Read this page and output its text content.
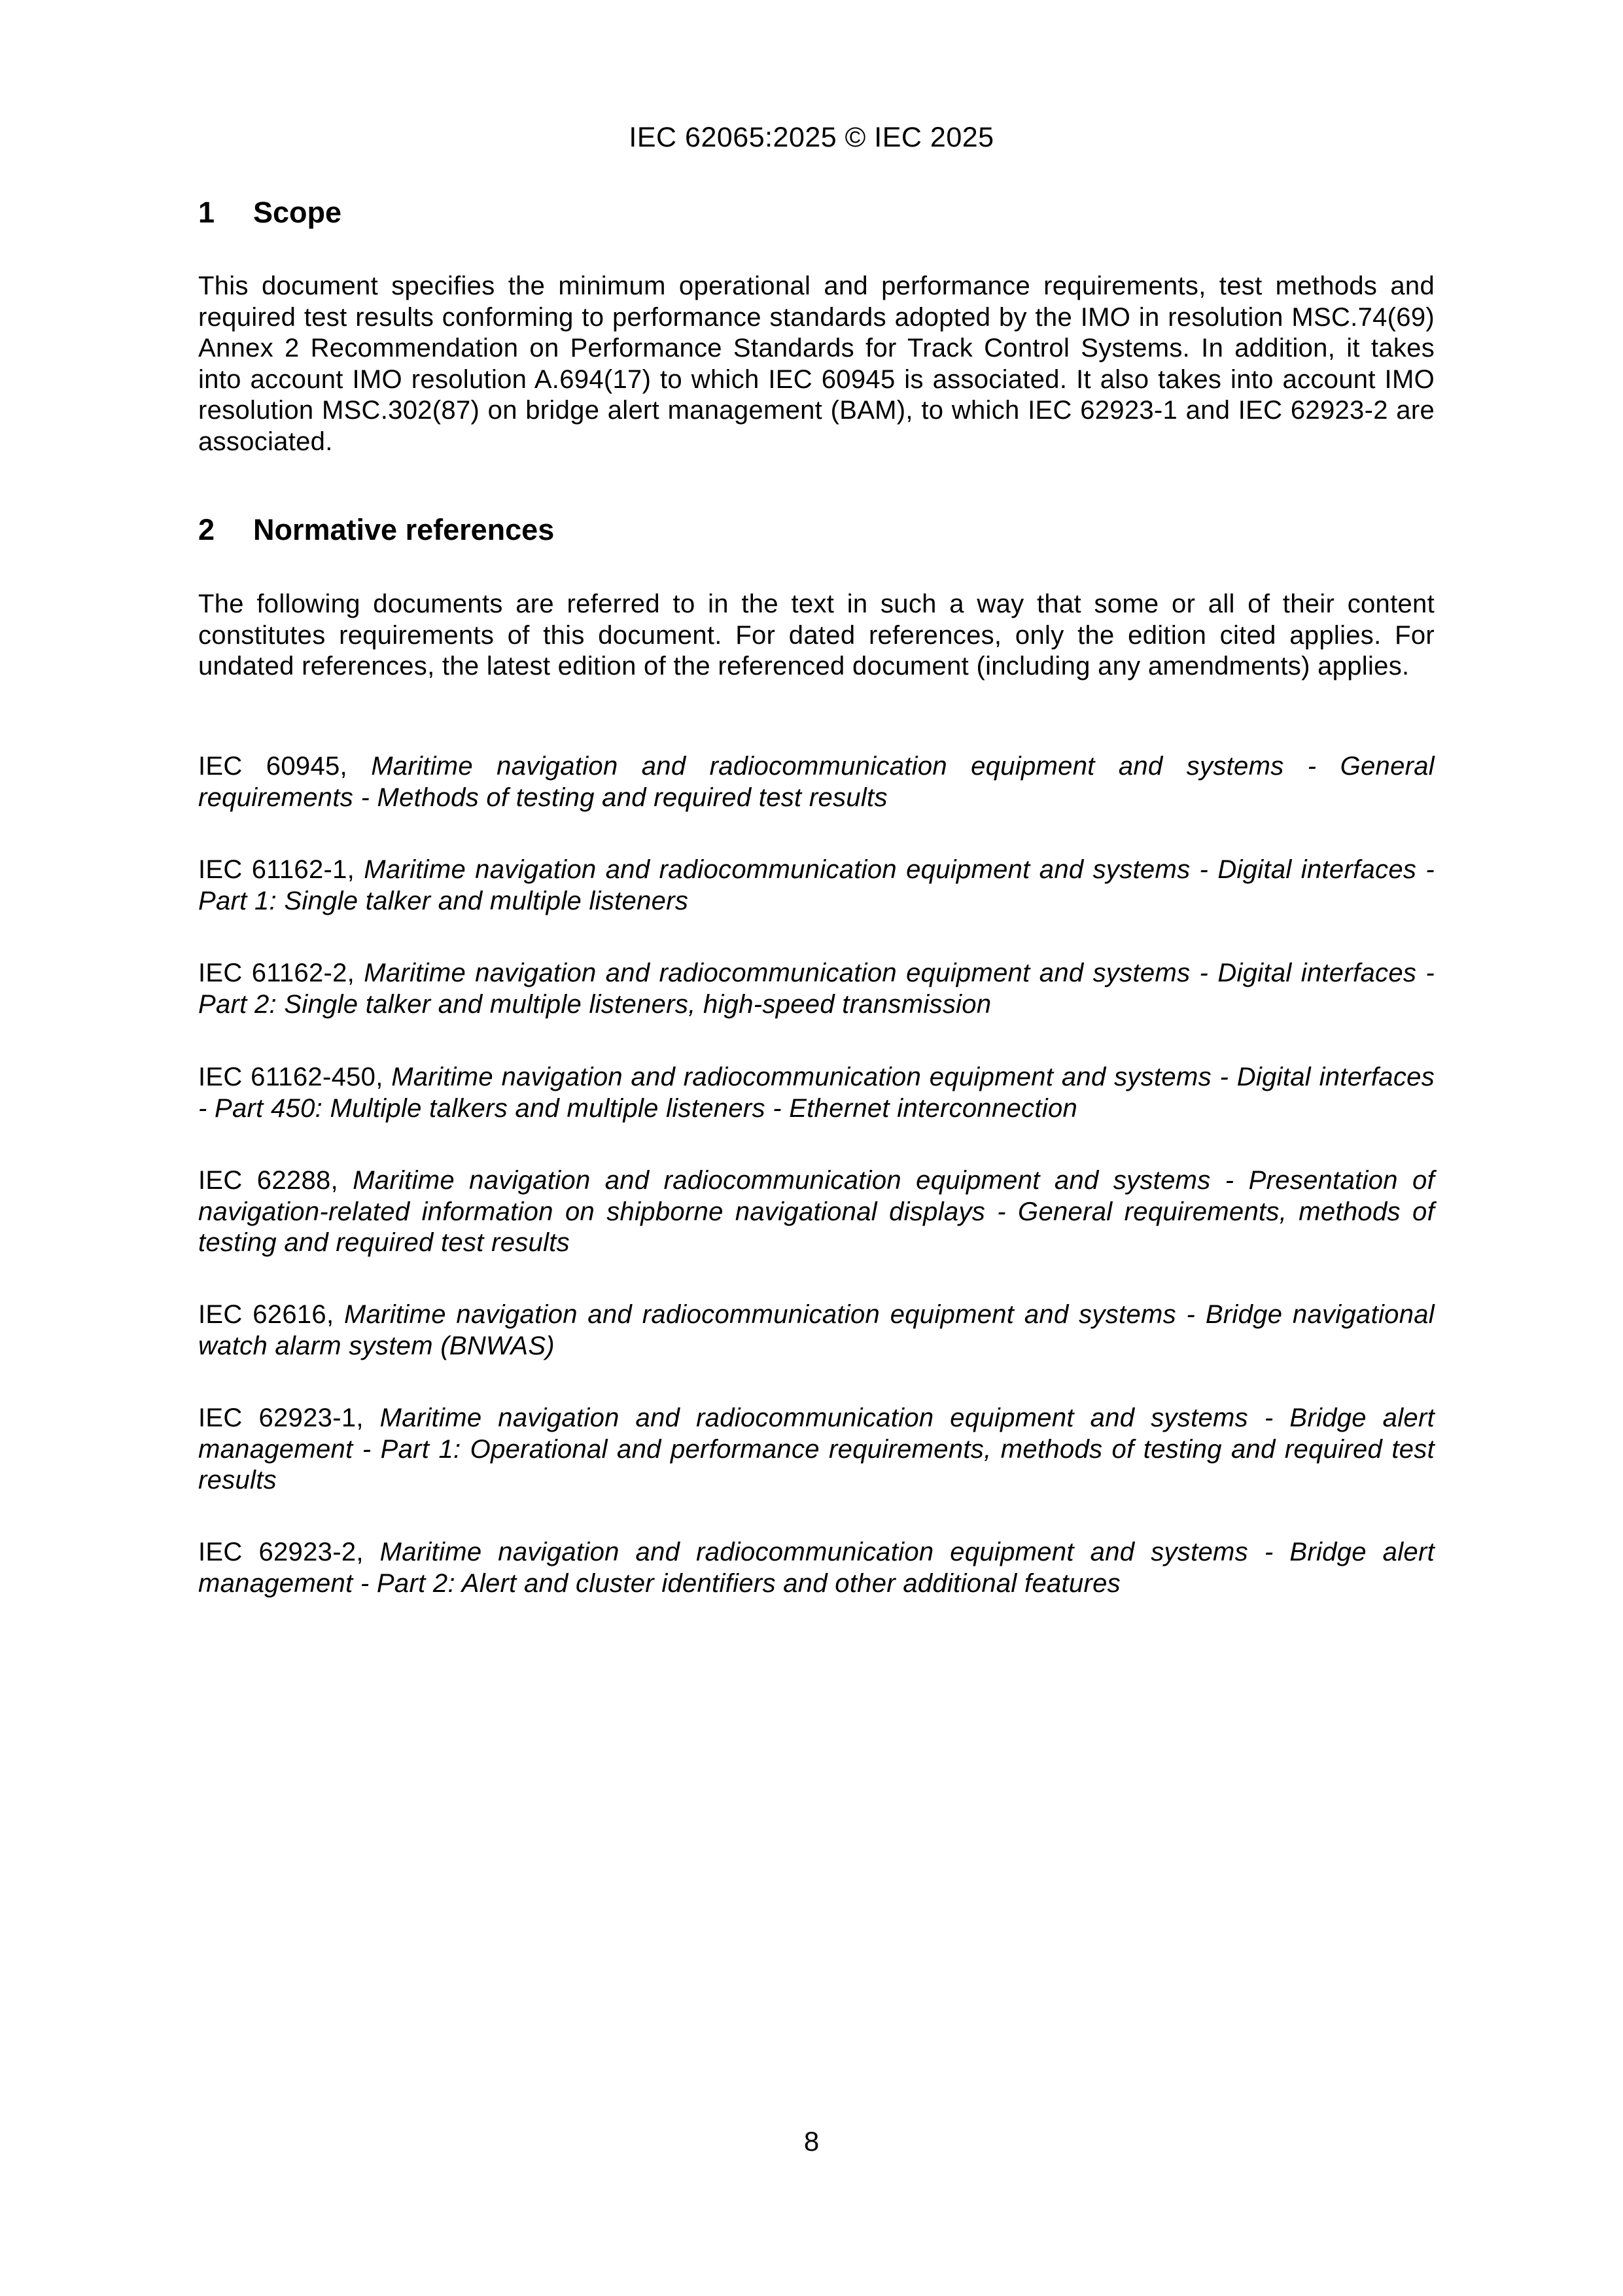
IEC 62065:2025 © IEC 2025
1	Scope

This document specifies the minimum operational and performance requirements, test methods and required test results conforming to performance standards adopted by the IMO in resolution MSC.74(69) Annex 2 Recommendation on Performance Standards for Track Control Systems. In addition, it takes into account IMO resolution A.694(17) to which IEC 60945 is associated. It also takes into account IMO resolution MSC.302(87) on bridge alert management (BAM), to which IEC 62923-1 and IEC 62923-2 are associated.

2	Normative references

The following documents are referred to in the text in such a way that some or all of their content constitutes requirements of this document. For dated references, only the edition cited applies. For undated references, the latest edition of the referenced document (including any amendments) applies.

IEC 60945, Maritime navigation and radiocommunication equipment and systems - General requirements - Methods of testing and required test results

IEC 61162-1, Maritime navigation and radiocommunication equipment and systems - Digital interfaces - Part 1: Single talker and multiple listeners

IEC 61162-2, Maritime navigation and radiocommunication equipment and systems - Digital interfaces - Part 2: Single talker and multiple listeners, high-speed transmission

IEC 61162-450, Maritime navigation and radiocommunication equipment and systems - Digital interfaces - Part 450: Multiple talkers and multiple listeners - Ethernet interconnection

IEC 62288, Maritime navigation and radiocommunication equipment and systems - Presentation of navigation-related information on shipborne navigational displays - General requirements, methods of testing and required test results

IEC 62616, Maritime navigation and radiocommunication equipment and systems - Bridge navigational watch alarm system (BNWAS)

IEC 62923-1, Maritime navigation and radiocommunication equipment and systems - Bridge alert management - Part 1: Operational and performance requirements, methods of testing and required test results

IEC 62923-2, Maritime navigation and radiocommunication equipment and systems - Bridge alert management - Part 2: Alert and cluster identifiers and other additional features

8
